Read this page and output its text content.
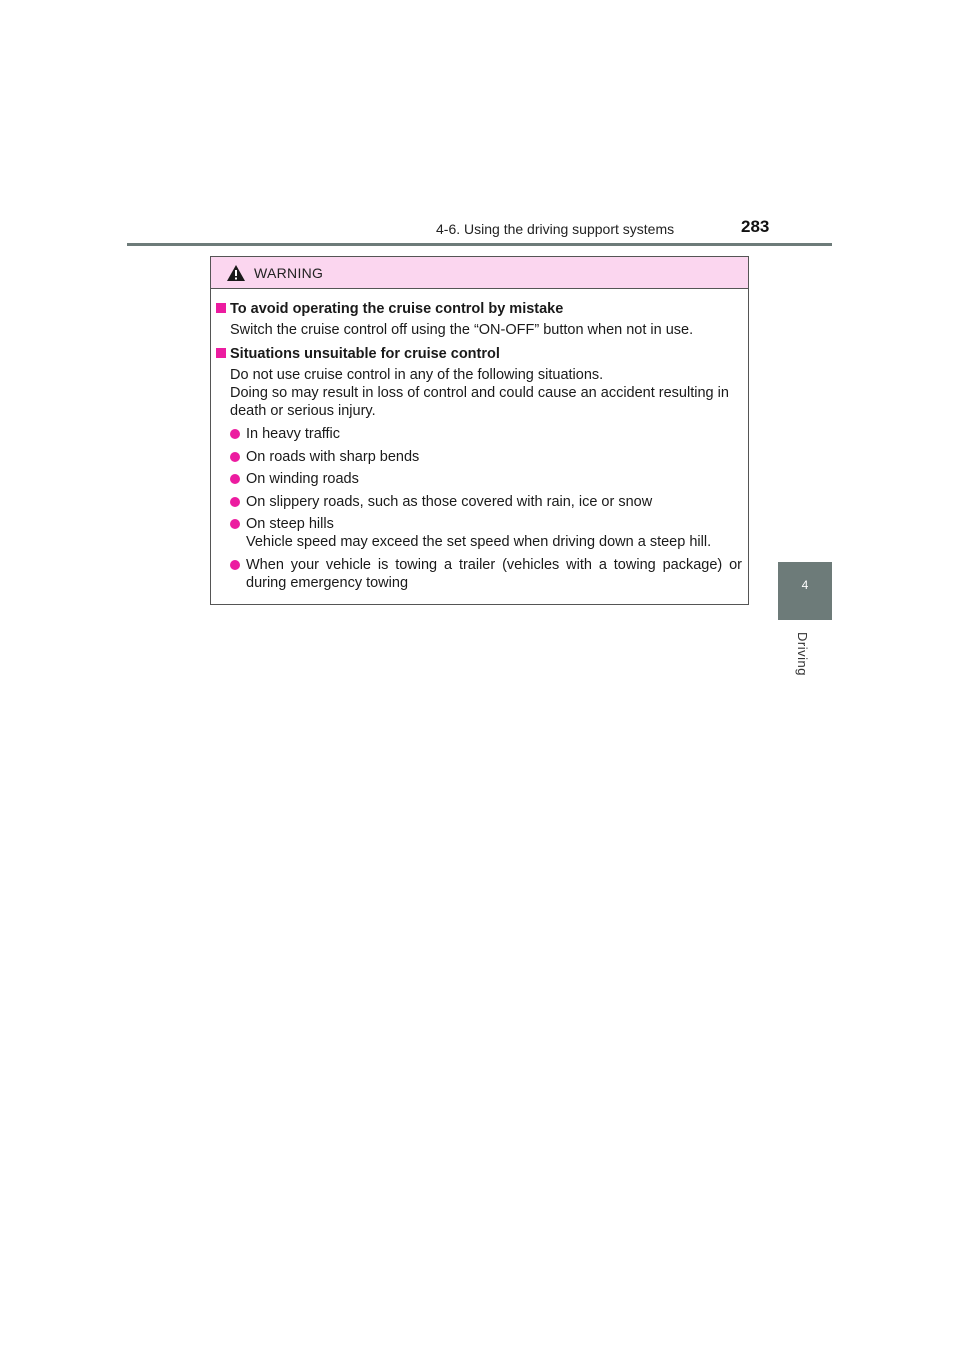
4-6. Using the driving support systems	283
4
Driving
WARNING
To avoid operating the cruise control by mistake
Switch the cruise control off using the “ON-OFF” button when not in use.
Situations unsuitable for cruise control
Do not use cruise control in any of the following situations.
Doing so may result in loss of control and could cause an accident resulting in death or serious injury.
In heavy traffic
On roads with sharp bends
On winding roads
On slippery roads, such as those covered with rain, ice or snow
On steep hills
Vehicle speed may exceed the set speed when driving down a steep hill.
When your vehicle is towing a trailer (vehicles with a towing package) or during emergency towing
